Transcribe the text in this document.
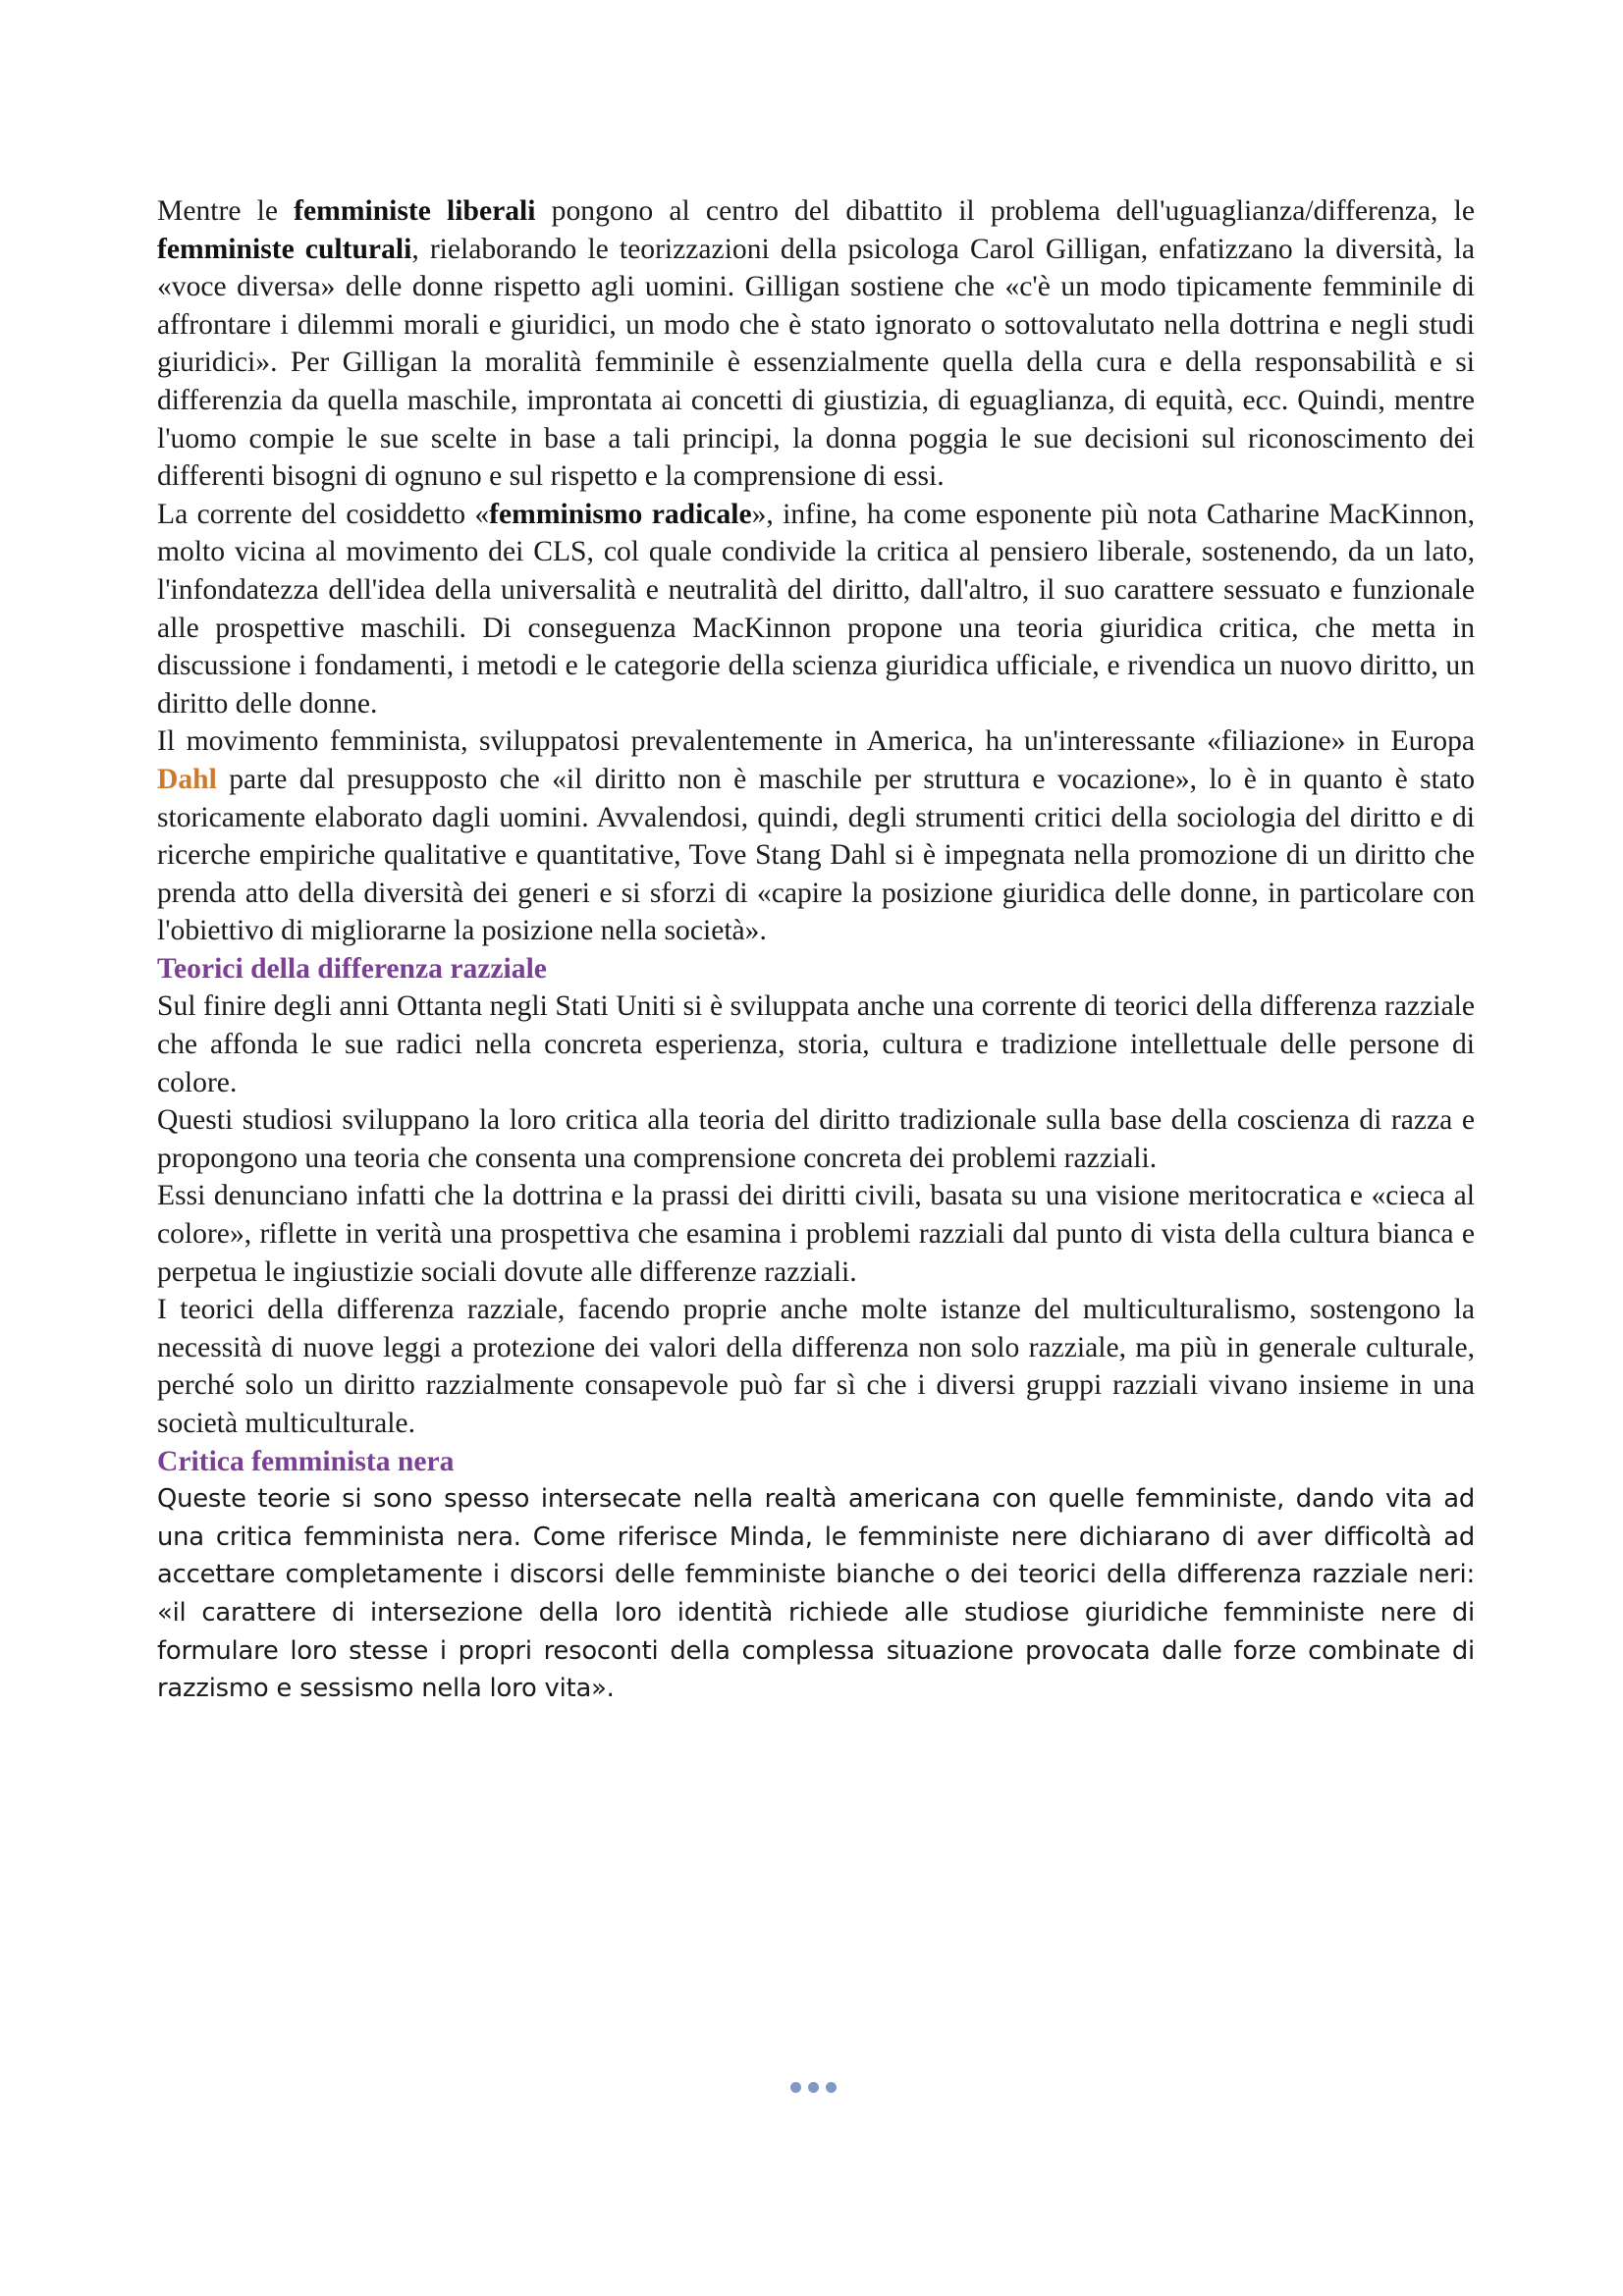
Mentre le femministe liberali pongono al centro del dibattito il problema dell'uguaglianza/differenza, le femministe culturali, rielaborando le teorizzazioni della psicologa Carol Gilligan, enfatizzano la diversità, la «voce diversa» delle donne rispetto agli uomini. Gilligan sostiene che «c'è un modo tipicamente femminile di affrontare i dilemmi morali e giuridici, un modo che è stato ignorato o sottovalutato nella dottrina e negli studi giuridici». Per Gilligan la moralità femminile è essenzialmente quella della cura e della responsabilità e si differenzia da quella maschile, improntata ai concetti di giustizia, di eguaglianza, di equità, ecc. Quindi, mentre l'uomo compie le sue scelte in base a tali principi, la donna poggia le sue decisioni sul riconoscimento dei differenti bisogni di ognuno e sul rispetto e la comprensione di essi.

La corrente del cosiddetto «femminismo radicale», infine, ha come esponente più nota Catharine MacKinnon, molto vicina al movimento dei CLS, col quale condivide la critica al pensiero liberale, sostenendo, da un lato, l'infondatezza dell'idea della universalità e neutralità del diritto, dall'altro, il suo carattere sessuato e funzionale alle prospettive maschili. Di conseguenza MacKinnon propone una teoria giuridica critica, che metta in discussione i fondamenti, i metodi e le categorie della scienza giuridica ufficiale, e rivendica un nuovo diritto, un diritto delle donne.

Il movimento femminista, sviluppatosi prevalentemente in America, ha un'interessante «filiazione» in Europa Dahl parte dal presupposto che «il diritto non è maschile per struttura e vocazione», lo è in quanto è stato storicamente elaborato dagli uomini. Avvalendosi, quindi, degli strumenti critici della sociologia del diritto e di ricerche empiriche qualitative e quantitative, Tove Stang Dahl si è impegnata nella promozione di un diritto che prenda atto della diversità dei generi e si sforzi di «capire la posizione giuridica delle donne, in particolare con l'obiettivo di migliorarne la posizione nella società».

Teorici della differenza razziale

Sul finire degli anni Ottanta negli Stati Uniti si è sviluppata anche una corrente di teorici della differenza razziale che affonda le sue radici nella concreta esperienza, storia, cultura e tradizione intellettuale delle persone di colore.

Questi studiosi sviluppano la loro critica alla teoria del diritto tradizionale sulla base della coscienza di razza e propongono una teoria che consenta una comprensione concreta dei problemi razziali.

Essi denunciano infatti che la dottrina e la prassi dei diritti civili, basata su una visione meritocratica e «cieca al colore», riflette in verità una prospettiva che esamina i problemi razziali dal punto di vista della cultura bianca e perpetua le ingiustizie sociali dovute alle differenze razziali.

I teorici della differenza razziale, facendo proprie anche molte istanze del multiculturalismo, sostengono la necessità di nuove leggi a protezione dei valori della differenza non solo razziale, ma più in generale culturale, perché solo un diritto razzialmente consapevole può far sì che i diversi gruppi razziali vivano insieme in una società multiculturale.

Critica femminista nera

Queste teorie si sono spesso intersecate nella realtà americana con quelle femministe, dando vita ad una critica femminista nera. Come riferisce Minda, le femministe nere dichiarano di aver difficoltà ad accettare completamente i discorsi delle femministe bianche o dei teorici della differenza razziale neri: «il carattere di intersezione della loro identità richiede alle studiose giuridiche femministe nere di formulare loro stesse i propri resoconti della complessa situazione provocata dalle forze combinate di razzismo e sessismo nella loro vita».
